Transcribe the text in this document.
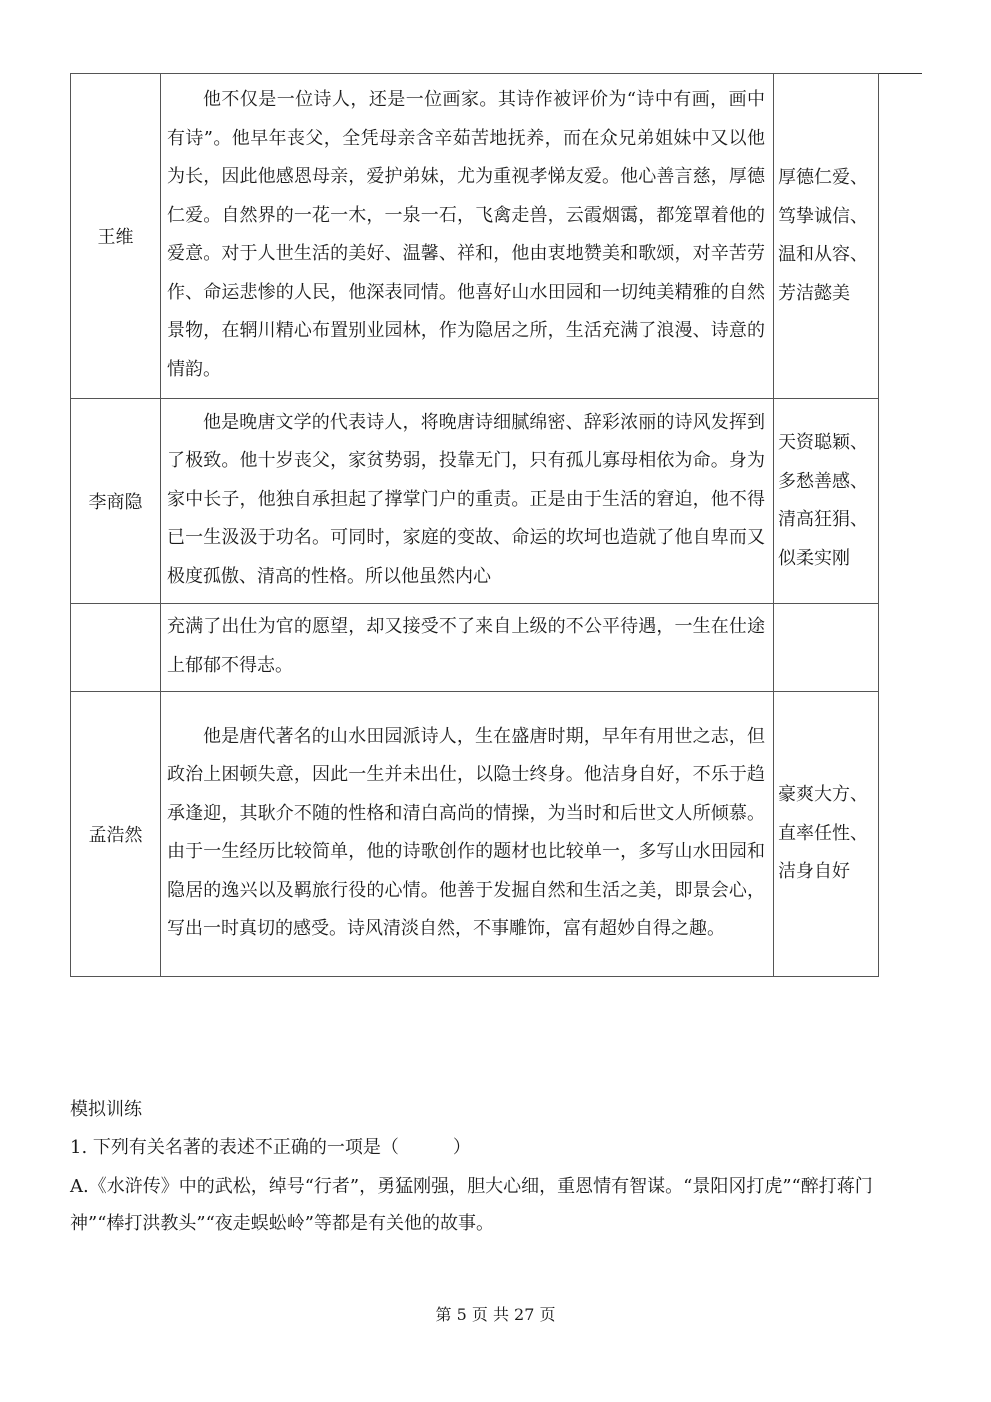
王维	他不仅是一位诗人，还是一位画家。其诗作被评价为“诗中有画，画中有诗”。他早年丧父，全凭母亲含辛茹苦地抚养，而在众兄弟姐妹中又以他为长，因此他感恩母亲，爱护弟妹，尤为重视孝悌友爱。他心善言慈，厚德仁爱。自然界的一花一木，一泉一石，飞禽走兽，云霞烟霭，都笼罩着他的爱意。对于人世生活的美好、温馨、祥和，他由衷地赞美和歌颂，对辛苦劳作、命运悲惨的人民，他深表同情。他喜好山水田园和一切纯美精雅的自然景物，在辋川精心布置别业园林，作为隐居之所，生活充满了浪漫、诗意的情韵。	厚德仁爱、笃挚诚信、温和从容、芳洁懿美
李商隐	他是晚唐文学的代表诗人，将晚唐诗细腻绵密、辞彩浓丽的诗风发挥到了极致。他十岁丧父，家贫势弱，投靠无门，只有孤儿寡母相依为命。身为家中长子，他独自承担起了撑掌门户的重责。正是由于生活的窘迫，他不得已一生汲汲于功名。可同时，家庭的变故、命运的坎坷也造就了他自卑而又极度孤傲、清高的性格。所以他虽然内心	天资聪颖、多愁善感、清高狂狷、似柔实刚

	充满了出仕为官的愿望，却又接受不了来自上级的不公平待遇，一生在仕途上郁郁不得志。	

孟浩然	他是唐代著名的山水田园派诗人，生在盛唐时期，早年有用世之志，但政治上困顿失意，因此一生并未出仕，以隐士终身。他洁身自好，不乐于趋承逢迎，其耿介不随的性格和清白高尚的情操，为当时和后世文人所倾慕。由于一生经历比较简单，他的诗歌创作的题材也比较单一，多写山水田园和隐居的逸兴以及羁旅行役的心情。他善于发掘自然和生活之美，即景会心，写出一时真切的感受。诗风清淡自然，不事雕饰，富有超妙自得之趣。	豪爽大方、直率任性、洁身自好
模拟训练
1. 下列有关名著的表述不正确的一项是（　　　）
A.《水浒传》中的武松，绰号“行者”，勇猛刚强，胆大心细，重恩情有智谋。“景阳冈打虎”“醉打蒋门神”“棒打洪教头”“夜走蜈蚣岭”等都是有关他的故事。
第 5 页 共 27 页
